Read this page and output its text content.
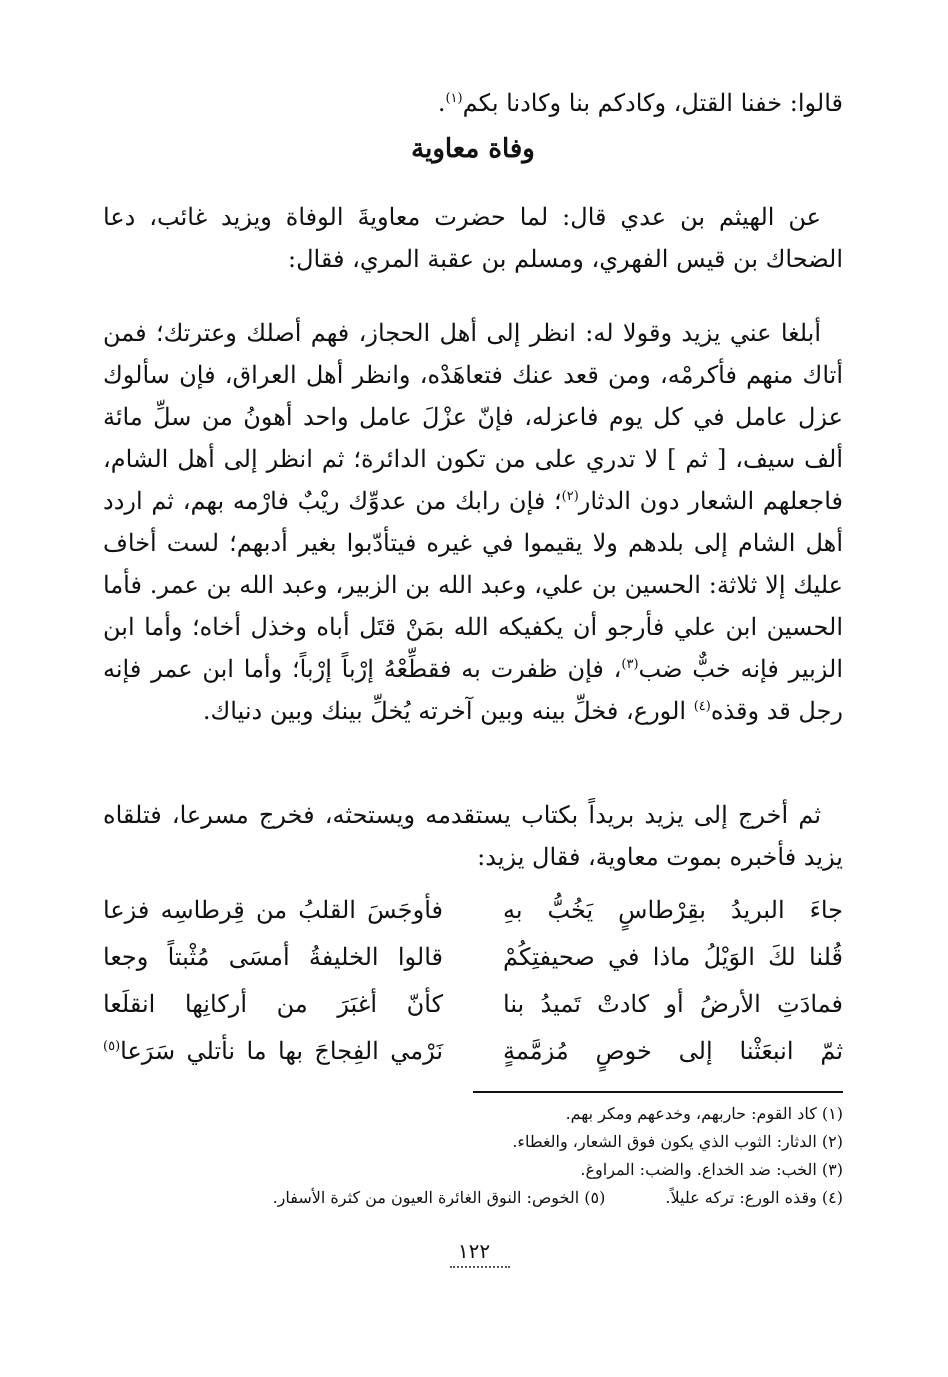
قالوا: خفنا القتل، وكادكم بنا وكادنا بكم$^{(١)}$.
وفاة معاوية

عن الهيثم بن عدي قال: لما حضرت معاويةَ الوفاة ويزيد غائب، دعا الضحاك بن قيس الفهري، ومسلم بن عقبة المري، فقال:

أبلغا عني يزيد وقولا له: انظر إلى أهل الحجاز، فهم أصلك وعترتك؛ فمن أتاك منهم فأكرمْه، ومن قعد عنك فتعاهَدْه، وانظر أهل العراق، فإن سألوك عزل عامل في كل يوم فاعزله، فإنّ عزْلَ عامل واحد أهونُ من سلِّ مائة ألف سيف، [ ثم ] لا تدري على من تكون الدائرة؛ ثم انظر إلى أهل الشام، فاجعلهم الشعار دون الدثار$^{(٢)}$؛ فإن رابك من عدوِّك ريْبٌ فارْمه بهم، ثم اردد أهل الشام إلى بلدهم ولا يقيموا في غيره فيتأدّبوا بغير أدبهم؛ لست أخاف عليك إلا ثلاثة: الحسين بن علي، وعبد الله بن الزبير، وعبد الله بن عمر. فأما الحسين ابن علي فأرجو أن يكفيكه الله بمَنْ قتَل أباه وخذل أخاه؛ وأما ابن الزبير فإنه خبٌّ ضب$^{(٣)}$، فإن ظفرت به فقطِّعْهُ إرْباً إرْباً؛ وأما ابن عمر فإنه رجل قد وقذه$^{(٤)}$ الورع، فخلِّ بينه وبين آخرته يُخلِّ بينك وبين دنياك.

ثم أخرج إلى يزيد بريداً بكتاب يستقدمه ويستحثه، فخرج مسرعا، فتلقاه يزيد فأخبره بموت معاوية، فقال يزيد:

جاءَ البريدُ بقِرْطاسٍ يَخُبُّ بهِ
فأوجَسَ القلبُ من قِرطاسِه فزعا
قُلنا لكَ الوَيْلُ ماذا في صحيفتِكُمْ
قالوا الخليفةُ أمسَى مُثْبتاً وجعا
فمادَتِ الأرضُ أو كادتْ تَميدُ بنا
كأنّ أغبَرَ من أركانِها انقلَعا
ثمّ انبعَثْنا إلى خوصٍ مُزمَّمةٍ
نَرْمي الفِجاجَ بها ما نأتلي سَرَعا$^{(٥)}$
(١) كاد القوم: حاربهم، وخدعهم ومكر بهم.
(٢) الدثار: الثوب الذي يكون فوق الشعار، والغطاء.
(٣) الخب: ضد الخداع. والضب: المراوغ.
(٤) وقذه الورع: تركه عليلاً.
(٥) الخوص: النوق الغائرة العيون من كثرة الأسفار.
١٢٢
